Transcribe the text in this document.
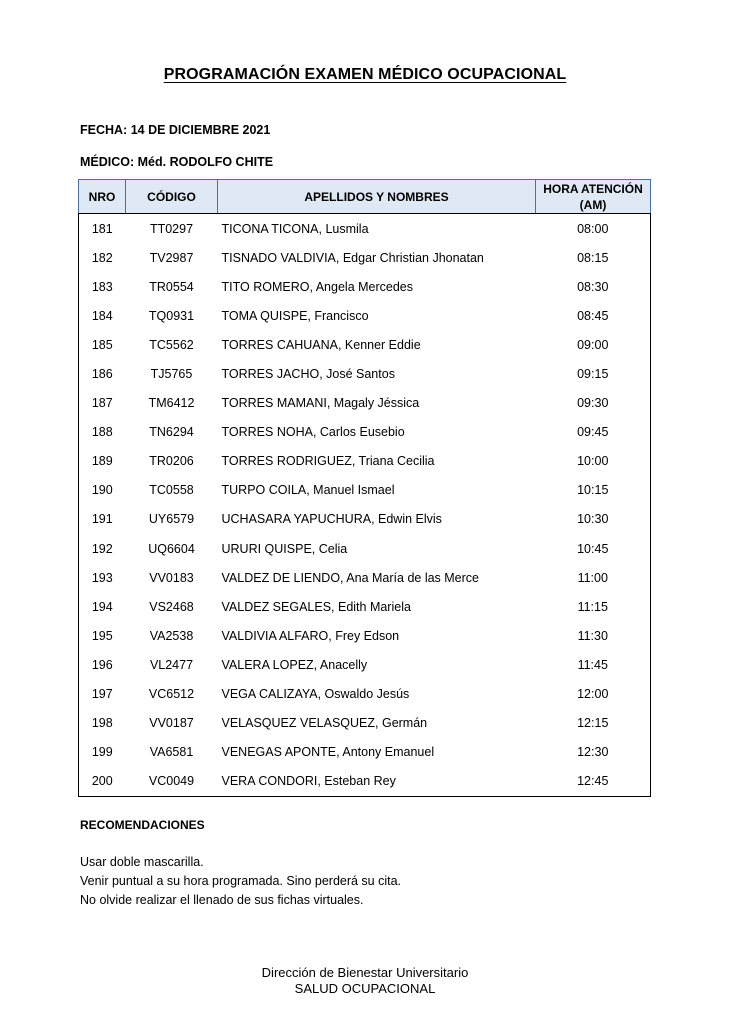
PROGRAMACIÓN EXAMEN MÉDICO OCUPACIONAL
FECHA: 14 DE DICIEMBRE 2021
MÉDICO: Méd. RODOLFO CHITE
NRO	CÓDIGO	APELLIDOS Y NOMBRES	HORA ATENCIÓN
(AM)
181	TT0297	TICONA TICONA, Lusmila	08:00
182	TV2987	TISNADO VALDIVIA, Edgar Christian Jhonatan	08:15
183	TR0554	TITO ROMERO, Angela Mercedes	08:30
184	TQ0931	TOMA QUISPE, Francisco	08:45
185	TC5562	TORRES CAHUANA, Kenner Eddie	09:00
186	TJ5765	TORRES JACHO, José Santos	09:15
187	TM6412	TORRES MAMANI, Magaly Jéssica	09:30
188	TN6294	TORRES NOHA, Carlos Eusebio	09:45
189	TR0206	TORRES RODRIGUEZ, Triana Cecilia	10:00
190	TC0558	TURPO COILA, Manuel Ismael	10:15
191	UY6579	UCHASARA YAPUCHURA, Edwin Elvis	10:30
192	UQ6604	URURI QUISPE, Celia	10:45
193	VV0183	VALDEZ DE LIENDO, Ana María de las Merce	11:00
194	VS2468	VALDEZ SEGALES, Edith Mariela	11:15
195	VA2538	VALDIVIA ALFARO, Frey Edson	11:30
196	VL2477	VALERA LOPEZ, Anacelly	11:45
197	VC6512	VEGA CALIZAYA, Oswaldo Jesús	12:00
198	VV0187	VELASQUEZ VELASQUEZ, Germán	12:15
199	VA6581	VENEGAS APONTE, Antony Emanuel	12:30
200	VC0049	VERA CONDORI, Esteban Rey	12:45
RECOMENDACIONES
Usar doble mascarilla.
Venir puntual a su hora programada. Sino perderá su cita.
No olvide realizar el llenado de sus fichas virtuales.
Dirección de Bienestar Universitario
SALUD OCUPACIONAL
